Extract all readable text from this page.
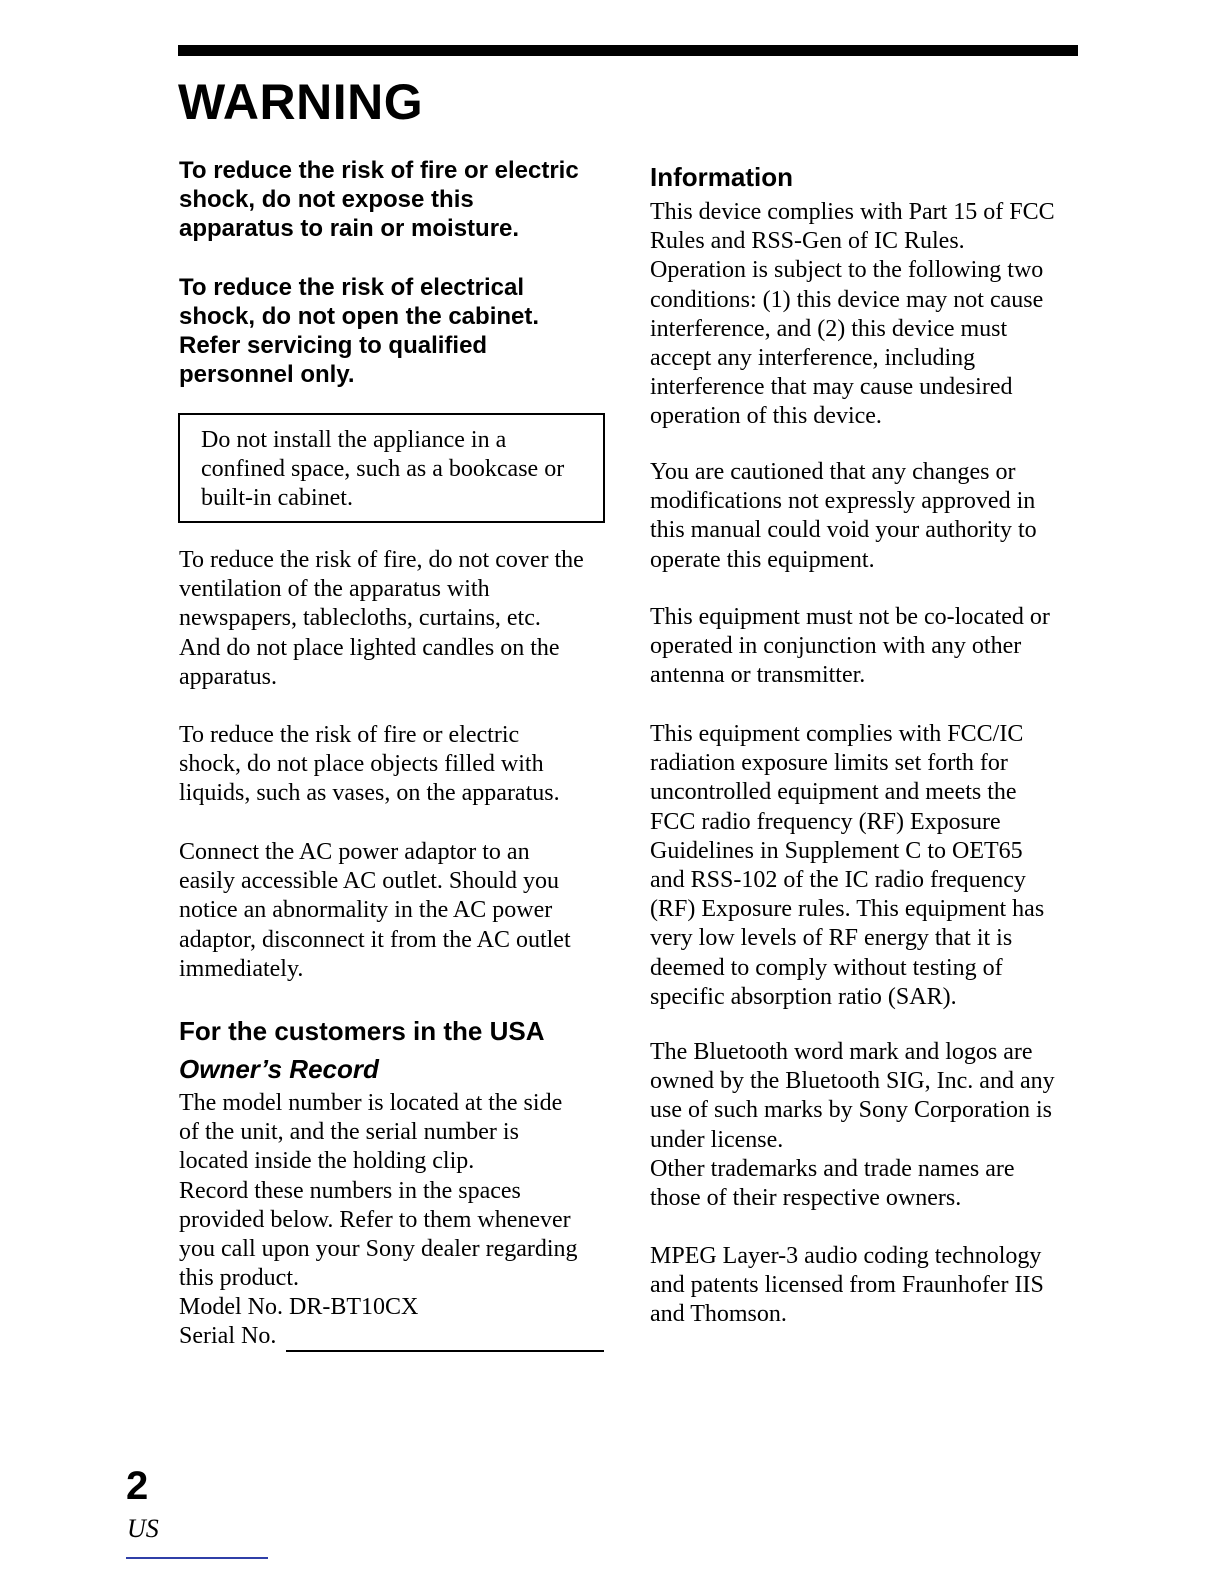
WARNING

To reduce the risk of fire or electric
shock, do not expose this
apparatus to rain or moisture.

To reduce the risk of electrical
shock, do not open the cabinet.
Refer servicing to qualified
personnel only.

Do not install the appliance in a
confined space, such as a bookcase or
built-in cabinet.

To reduce the risk of fire, do not cover the
ventilation of the apparatus with
newspapers, tablecloths, curtains, etc.
And do not place lighted candles on the
apparatus.

To reduce the risk of fire or electric
shock, do not place objects filled with
liquids, such as vases, on the apparatus.

Connect the AC power adaptor to an
easily accessible AC outlet. Should you
notice an abnormality in the AC power
adaptor, disconnect it from the AC outlet
immediately.

For the customers in the USA
Owner’s Record

The model number is located at the side
of the unit, and the serial number is
located inside the holding clip.
Record these numbers in the spaces
provided below. Refer to them whenever
you call upon your Sony dealer regarding
this product.
Model No. DR-BT10CX

Serial No.

Information

This device complies with Part 15 of FCC
Rules and RSS-Gen of IC Rules.
Operation is subject to the following two
conditions: (1) this device may not cause
interference, and (2) this device must
accept any interference, including
interference that may cause undesired
operation of this device.

You are cautioned that any changes or
modifications not expressly approved in
this manual could void your authority to
operate this equipment.

This equipment must not be co-located or
operated in conjunction with any other
antenna or transmitter.

This equipment complies with FCC/IC
radiation exposure limits set forth for
uncontrolled equipment and meets the
FCC radio frequency (RF) Exposure
Guidelines in Supplement C to OET65
and RSS-102 of the IC radio frequency
(RF) Exposure rules. This equipment has
very low levels of RF energy that it is
deemed to comply without testing of
specific absorption ratio (SAR).

The Bluetooth word mark and logos are
owned by the Bluetooth SIG, Inc. and any
use of such marks by Sony Corporation is
under license.
Other trademarks and trade names are
those of their respective owners.

MPEG Layer-3 audio coding technology
and patents licensed from Fraunhofer IIS
and Thomson.

2

US
